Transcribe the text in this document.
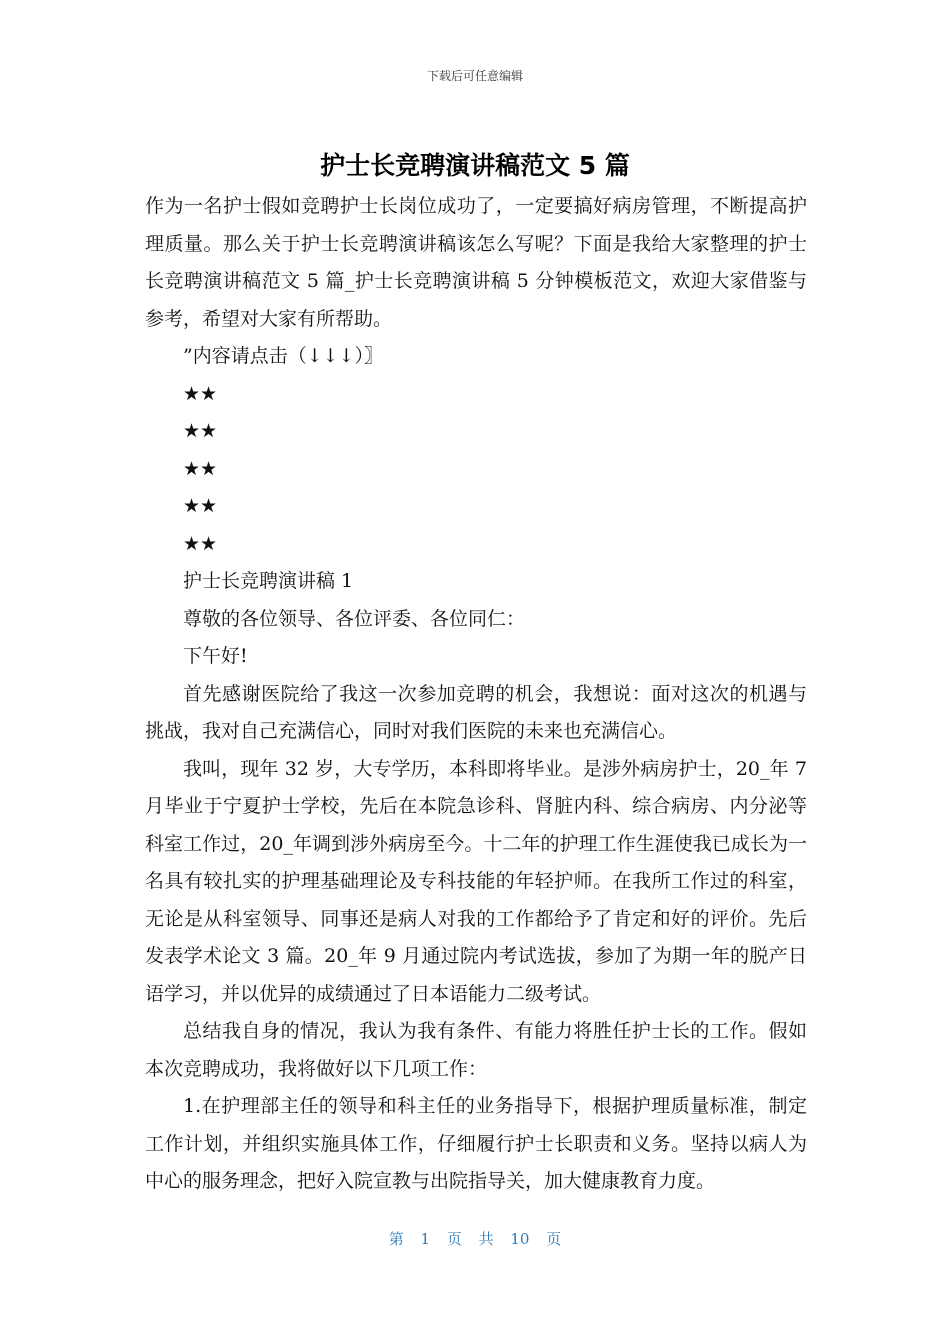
下载后可任意编辑
护士长竞聘演讲稿范文 5 篇

作为一名护士假如竞聘护士长岗位成功了，一定要搞好病房管理，不断提高护理质量。那么关于护士长竞聘演讲稿该怎么写呢？下面是我给大家整理的护士长竞聘演讲稿范文 5 篇_护士长竞聘演讲稿 5 分钟模板范文，欢迎大家借鉴与参考，希望对大家有所帮助。

”内容请点击（↓↓↓）〗

★★

★★

★★

★★

★★

护士长竞聘演讲稿 1

尊敬的各位领导、各位评委、各位同仁：

下午好!

首先感谢医院给了我这一次参加竞聘的机会，我想说：面对这次的机遇与挑战，我对自己充满信心，同时对我们医院的未来也充满信心。

我叫，现年 32 岁，大专学历，本科即将毕业。是涉外病房护士，20_年 7 月毕业于宁夏护士学校，先后在本院急诊科、肾脏内科、综合病房、内分泌等科室工作过，20_年调到涉外病房至今。十二年的护理工作生涯使我已成长为一名具有较扎实的护理基础理论及专科技能的年轻护师。在我所工作过的科室，无论是从科室领导、同事还是病人对我的工作都给予了肯定和好的评价。先后发表学术论文 3 篇。20_年 9 月通过院内考试选拔，参加了为期一年的脱产日语学习，并以优异的成绩通过了日本语能力二级考试。

总结我自身的情况，我认为我有条件、有能力将胜任护士长的工作。假如本次竞聘成功，我将做好以下几项工作：

1.在护理部主任的领导和科主任的业务指导下，根据护理质量标准，制定工作计划，并组织实施具体工作，仔细履行护士长职责和义务。坚持以病人为中心的服务理念，把好入院宣教与出院指导关，加大健康教育力度。

第 1 页 共 10 页
